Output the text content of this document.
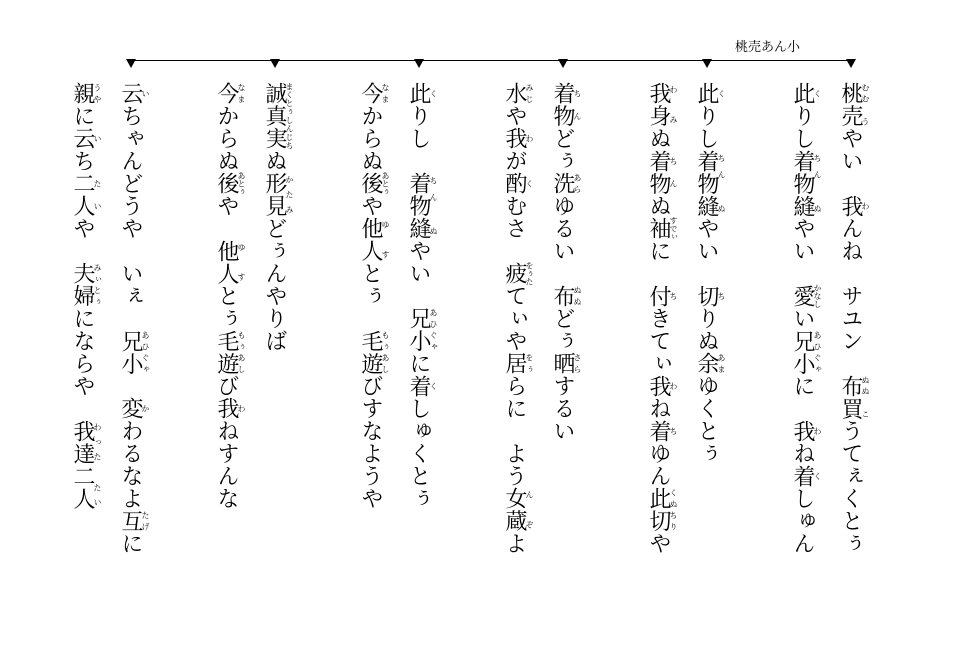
桃売あん小
桃売むむ うやい　我わんね　サユン　布買ぬぬ こうてぇくとぅ
此くりし着物縫ちん ぬやい　愛かなしい兄小あひぐゃに　我わね着くしゅん
此くりし着物縫ちん ぬやい　切ちりぬ余あまゆくとぅ
我身わ みぬ着物ちんぬ袖すでぃに　付ちきてぃ我わね着ちゆん此切くぬちりや
着物ちんどぅ洗あらゆるい　布ぬぬどぅ晒さらするい
水みじや我わが酌くむさ　疲をぅたてぃや居をぅらに　よう女蔵ん ぞよ
此くりし　着物縫ちん ぬやい　兄小あひぐゃに着くしゅくとぅ
今なまからぬ後あとぅや他人ゆ すとぅ　毛遊もぅあしびすなようや
誠真実まくとぅしんじちぬ形見かたみどぅんやりば
今なまからぬ後あとぅや　他人ゆ すとぅ毛遊もぅあしび我わねすんな
云いちゃんどうや　いぇ　兄小あひぐゃ　変かわるなよ互たげに
親うやに云いち二人たいや　夫婦みぃとぅにならや　我達二人わった たい
